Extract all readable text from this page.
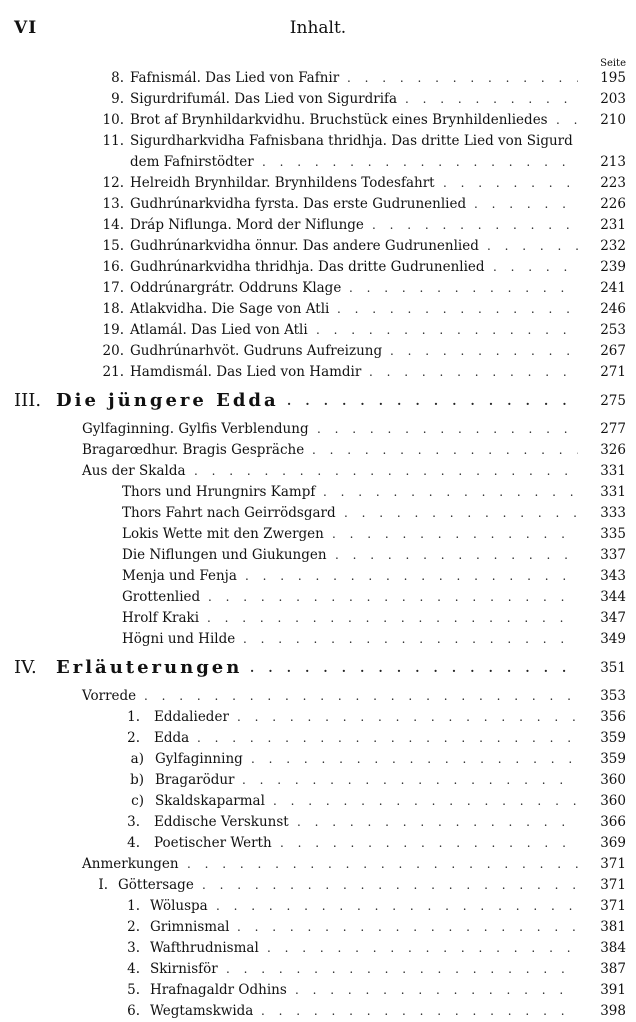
VI	Inhalt.
Seite
8. Fafnismál. Das Lied von Fafnir . . .	195
9. Sigurdrifumál. Das Lied von Sigurdrifa . . .	203
10. Brot af Brynhildarkvidhu. Bruchstück eines Brynhildenliedes . . .	210
11. Sigurdharkvidha Fafnisbana thridhja. Das dritte Lied von Sigurd
dem Fafnirstödter . . .	213
12. Helreidh Brynhildar. Brynhildens Todesfahrt . . .	223
13. Gudhrúnarkvidha fyrsta. Das erste Gudrunenlied . . .	226
14. Dráp Niflunga. Mord der Niflunge . . .	231
15. Gudhrúnarkvidha önnur. Das andere Gudrunenlied . . .	232
16. Gudhrúnarkvidha thridhja. Das dritte Gudrunenlied . . .	239
17. Oddrúnargrátr. Oddruns Klage . . .	241
18. Atlakvidha. Die Sage von Atli . . .	246
19. Atlamál. Das Lied von Atli . . .	253
20. Gudhrúnarhvöt. Gudruns Aufreizung . . .	267
21. Hamdismál. Das Lied von Hamdir . . .	271
III. Die jüngere Edda . . .	275
Gylfaginning. Gylfis Verblendung . . .	277
Bragarœdhur. Bragis Gespräche . . .	326
Aus der Skalda . . .	331
Thors und Hrungnirs Kampf . . .	331
Thors Fahrt nach Geirrödsgard . . .	333
Lokis Wette mit den Zwergen . . .	335
Die Niflungen und Giukungen . . .	337
Menja und Fenja . . .	343
Grottenlied . . .	344
Hrolf Kraki . . .	347
Högni und Hilde . . .	349
IV. Erläuterungen . . .	351
Vorrede . . .	353
1. Eddalieder . . .	356
2. Edda . . .	359
a) Gylfaginning . . .	359
b) Bragarödur . . .	360
c) Skaldskaparmal . . .	360
3. Eddische Verskunst . . .	366
4. Poetischer Werth . . .	369
Anmerkungen . . .	371
I. Göttersage . . .	371
1. Wöluspa . . .	371
2. Grimnismal . . .	381
3. Wafthrudnismal . . .	384
4. Skirnisför . . .	387
5. Hrafnagaldr Odhins . . .	391
6. Wegtamskwida . . .	398
